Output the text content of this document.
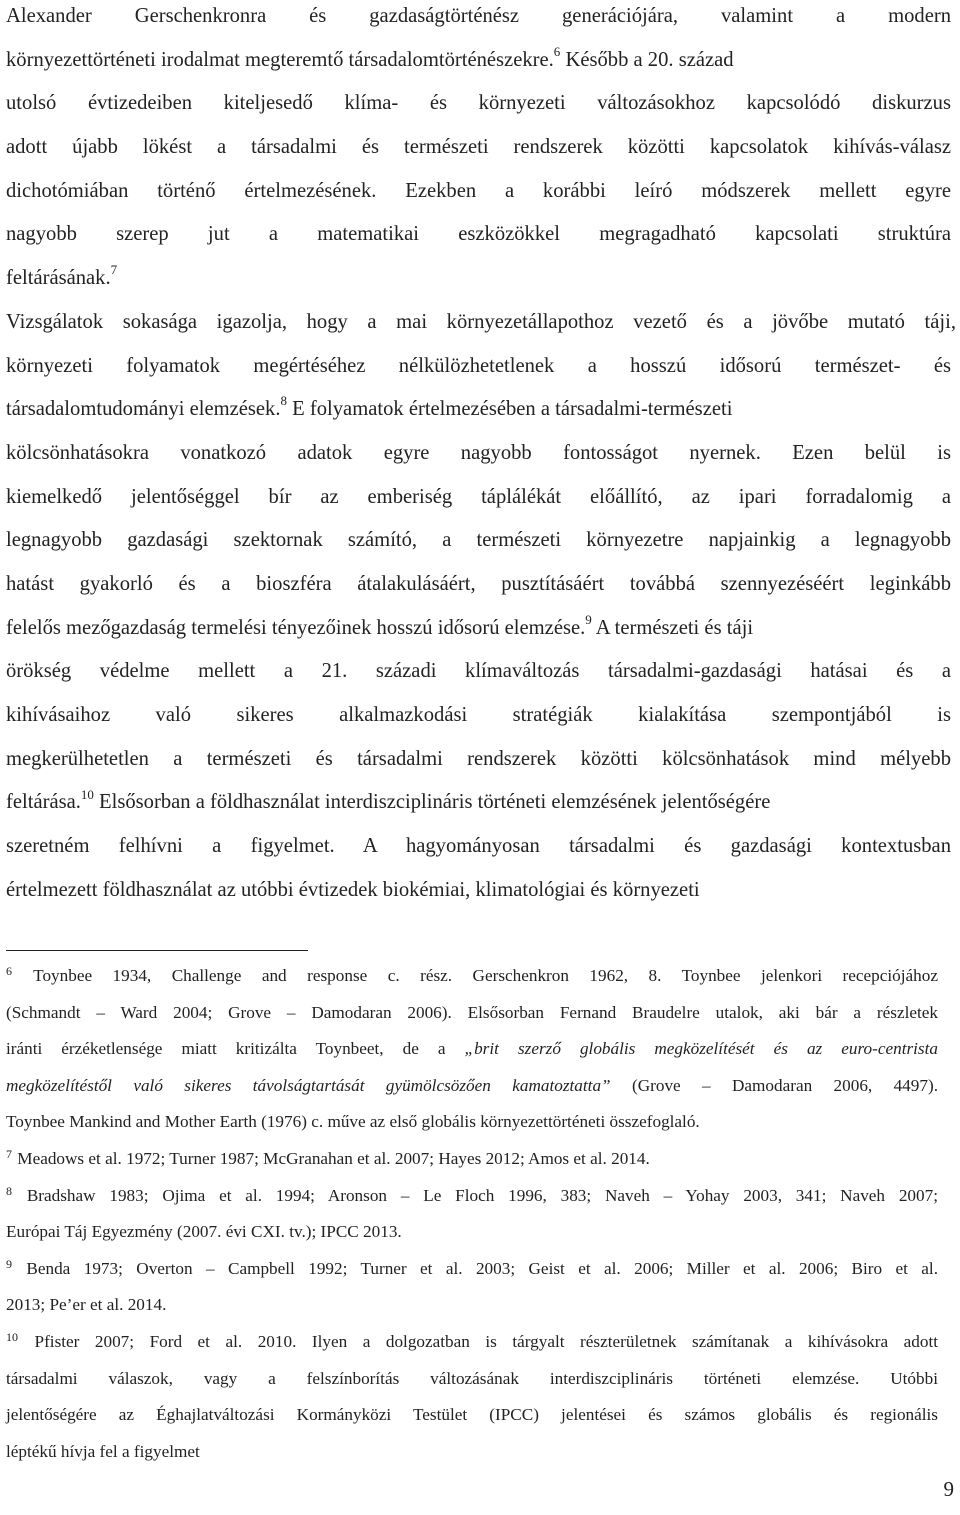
Alexander Gerschenkronra és gazdaságtörténész generációjára, valamint a modern
környezettörténeti irodalmat megteremtő társadalomtörténészekre.$^6$ Később a 20. század
utolsó évtizedeiben kiteljesedő klíma- és környezeti változásokhoz kapcsolódó diskurzus
adott újabb lökést a társadalmi és természeti rendszerek közötti kapcsolatok kihívás-válasz
dichotómiában történő értelmezésének. Ezekben a korábbi leíró módszerek mellett egyre
nagyobb szerep jut a matematikai eszközökkel megragadható kapcsolati struktúra
feltárásának.$^7$
Vizsgálatok sokasága igazolja, hogy a mai környezetállapothoz vezető és a jövőbe mutató táji,
környezeti folyamatok megértéséhez nélkülözhetetlenek a hosszú idősorú természet- és
társadalomtudományi elemzések.$^8$ E folyamatok értelmezésében a társadalmi-természeti
kölcsönhatásokra vonatkozó adatok egyre nagyobb fontosságot nyernek. Ezen belül is
kiemelkedő jelentőséggel bír az emberiség táplálékát előállító, az ipari forradalomig a
legnagyobb gazdasági szektornak számító, a természeti környezetre napjainkig a legnagyobb
hatást gyakorló és a bioszféra átalakulásáért, pusztításáért továbbá szennyezéséért leginkább
felelős mezőgazdaság termelési tényezőinek hosszú idősorú elemzése.$^9$ A természeti és táji
örökség védelme mellett a 21. századi klímaváltozás társadalmi-gazdasági hatásai és a
kihívásaihoz való sikeres alkalmazkodási stratégiák kialakítása szempontjából is
megkerülhetetlen a természeti és társadalmi rendszerek közötti kölcsönhatások mind mélyebb
feltárása.$^{10}$ Elsősorban a földhasználat interdiszciplináris történeti elemzésének jelentőségére
szeretném felhívni a figyelmet. A hagyományosan társadalmi és gazdasági kontextusban
értelmezett földhasználat az utóbbi évtizedek biokémiai, klimatológiai és környezeti
$^6$ Toynbee 1934, Challenge and response c. rész. Gerschenkron 1962, 8. Toynbee jelenkori recepciójához
(Schmandt – Ward 2004; Grove – Damodaran 2006). Elsősorban Fernand Braudelre utalok, aki bár a részletek
iránti érzéketlensége miatt kritizálta Toynbeet, de a „brit szerző globális megközelítését és az euro-centrista
megközelítéstől való sikeres távolságtartását gyümölcsözően kamatoztatta” (Grove – Damodaran 2006, 4497).
Toynbee Mankind and Mother Earth (1976) c. műve az első globális környezettörténeti összefoglaló.
$^7$ Meadows et al. 1972; Turner 1987; McGranahan et al. 2007; Hayes 2012; Amos et al. 2014.
$^8$ Bradshaw 1983; Ojima et al. 1994; Aronson – Le Floch 1996, 383; Naveh – Yohay 2003, 341; Naveh 2007;
Európai Táj Egyezmény (2007. évi CXI. tv.); IPCC 2013.
$^9$ Benda 1973; Overton – Campbell 1992; Turner et al. 2003; Geist et al. 2006; Miller et al. 2006; Biro et al.
2013; Pe’er et al. 2014.
$^{10}$ Pfister 2007; Ford et al. 2010. Ilyen a dolgozatban is tárgyalt részterületnek számítanak a kihívásokra adott
társadalmi válaszok, vagy a felszínborítás változásának interdiszciplináris történeti elemzése. Utóbbi
jelentőségére az Éghajlatváltozási Kormányközi Testület (IPCC) jelentései és számos globális és regionális
léptékű hívja fel a figyelmet
9
